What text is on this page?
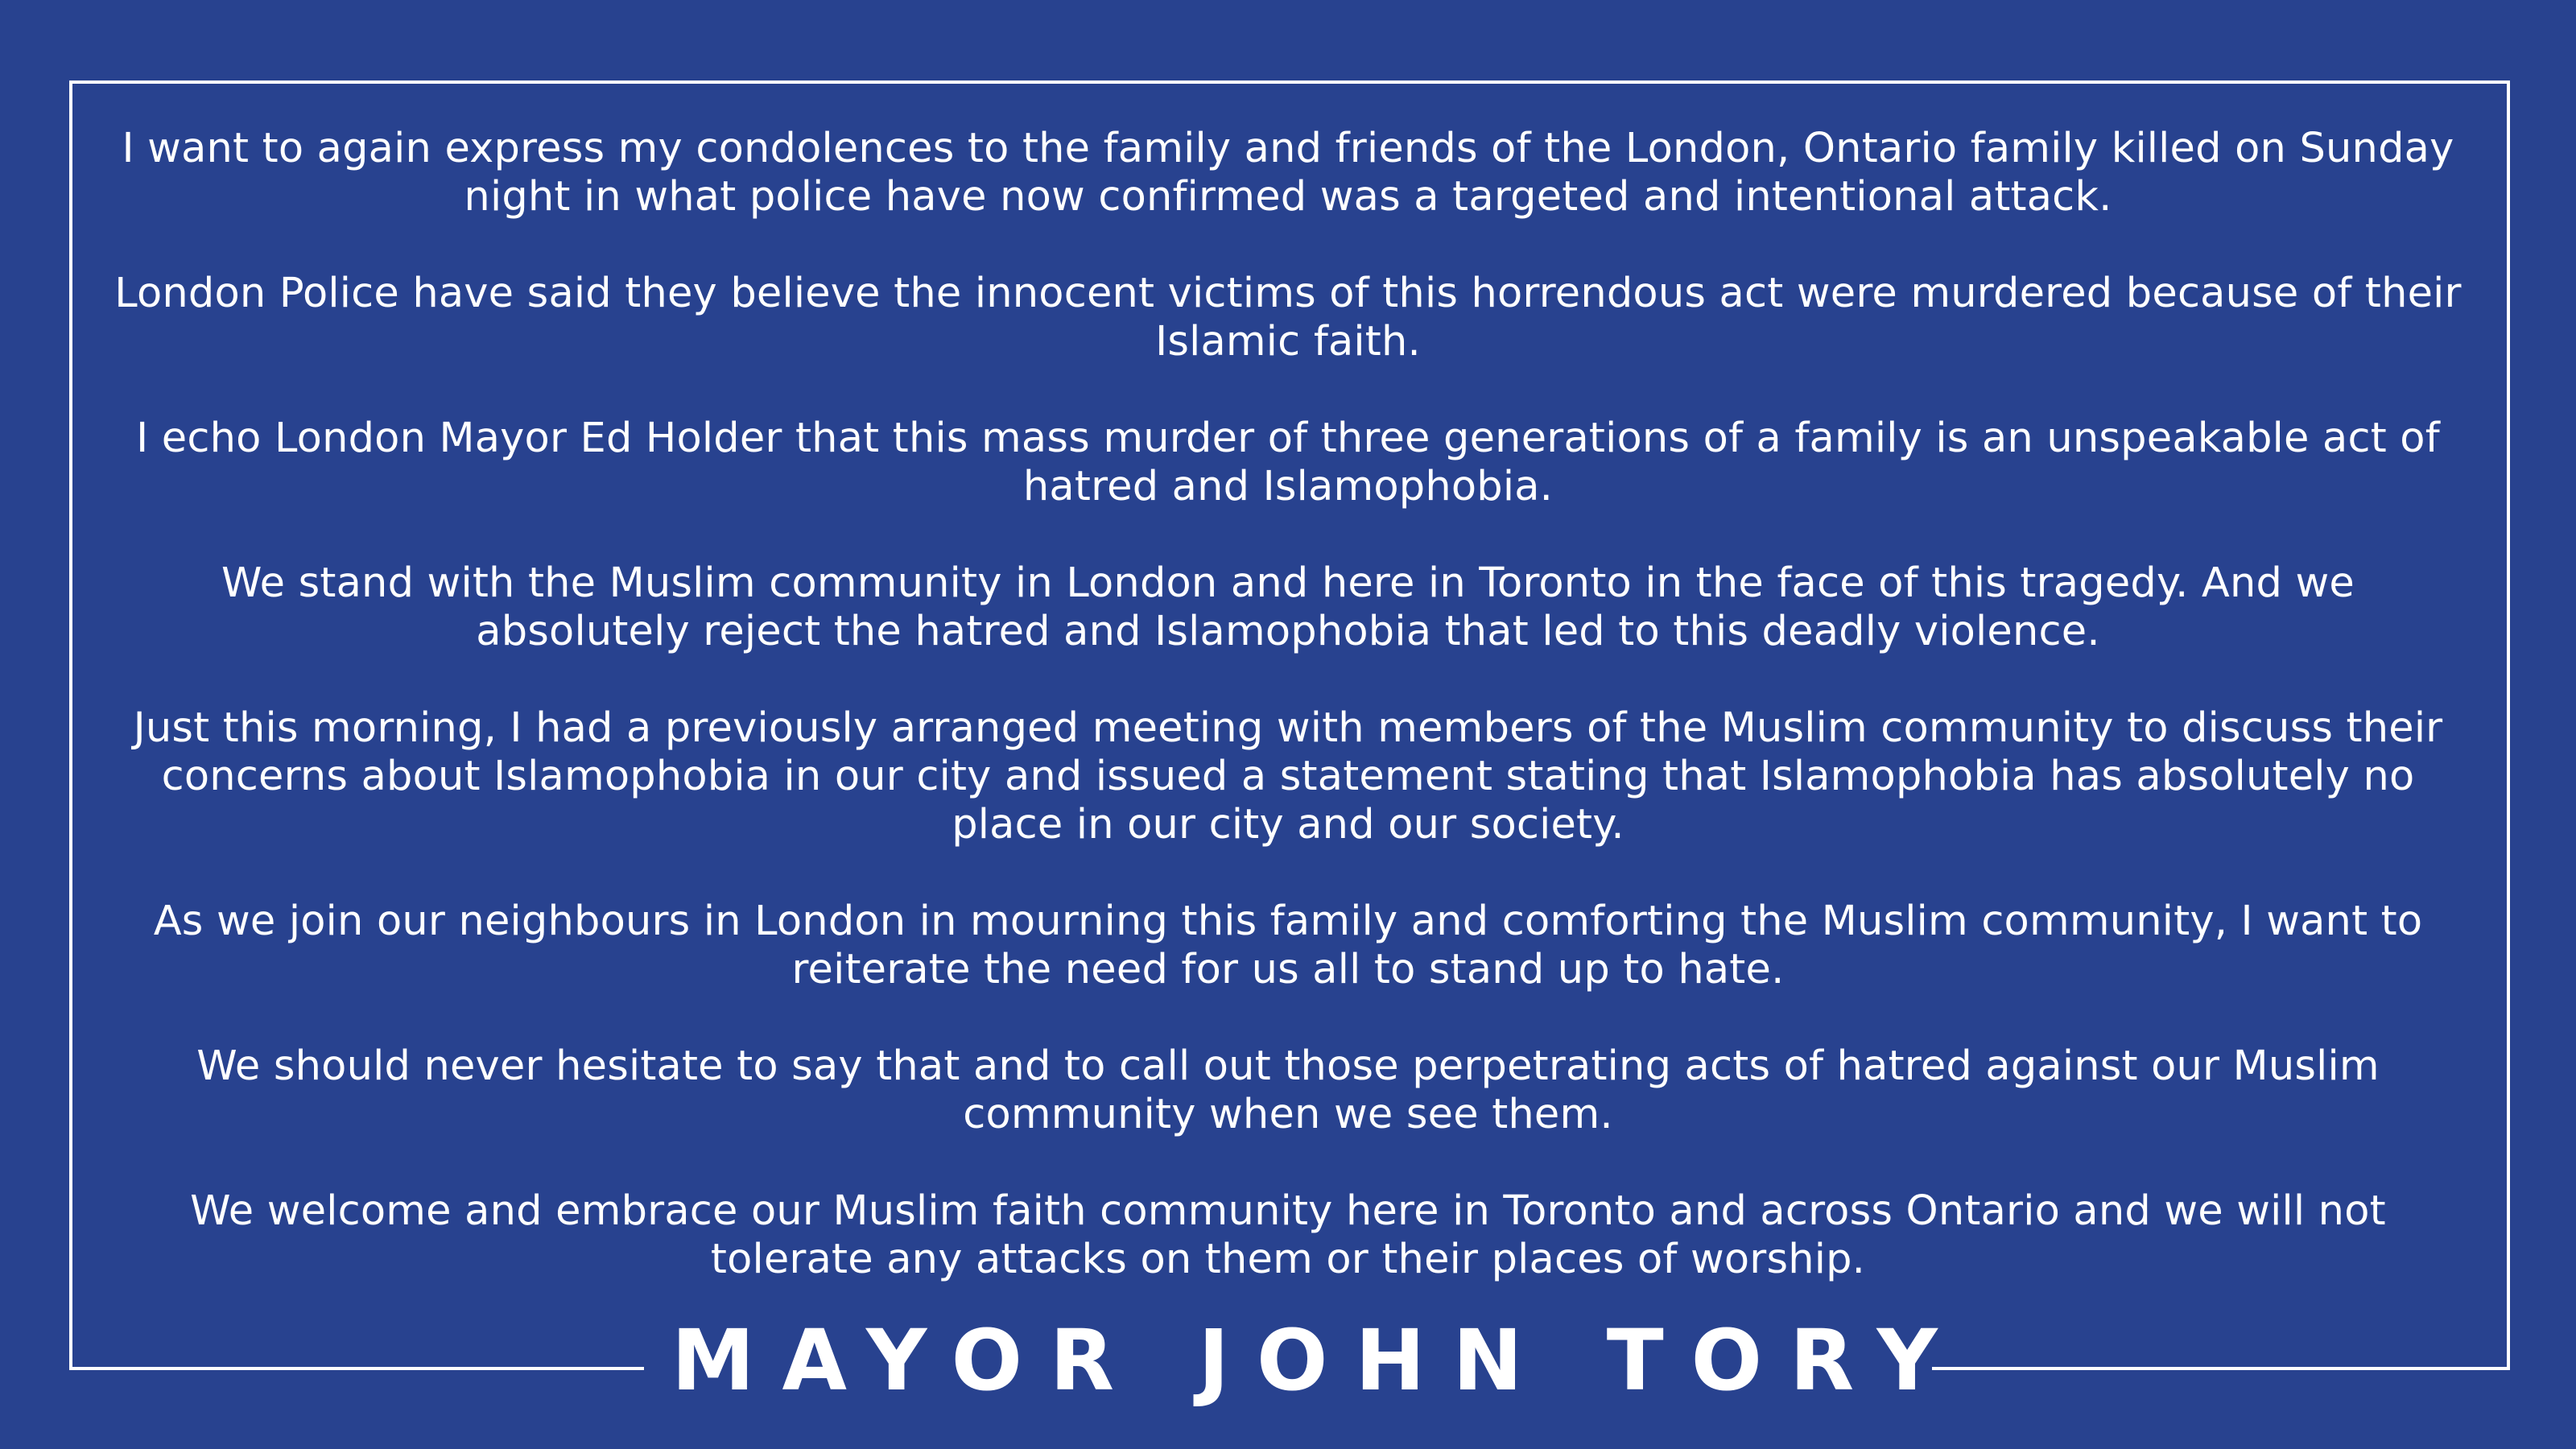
I want to again express my condolences to the family and friends of the London, Ontario family killed on Sunday night in what police have now confirmed was a targeted and intentional attack.

London Police have said they believe the innocent victims of this horrendous act were murdered because of their Islamic faith.

I echo London Mayor Ed Holder that this mass murder of three generations of a family is an unspeakable act of hatred and Islamophobia.

We stand with the Muslim community in London and here in Toronto in the face of this tragedy. And we absolutely reject the hatred and Islamophobia that led to this deadly violence.

Just this morning, I had a previously arranged meeting with members of the Muslim community to discuss their concerns about Islamophobia in our city and issued a statement stating that Islamophobia has absolutely no place in our city and our society.

As we join our neighbours in London in mourning this family and comforting the Muslim community, I want to reiterate the need for us all to stand up to hate.

We should never hesitate to say that and to call out those perpetrating acts of hatred against our Muslim community when we see them.

We welcome and embrace our Muslim faith community here in Toronto and across Ontario and we will not tolerate any attacks on them or their places of worship.

MAYOR JOHN TORY
